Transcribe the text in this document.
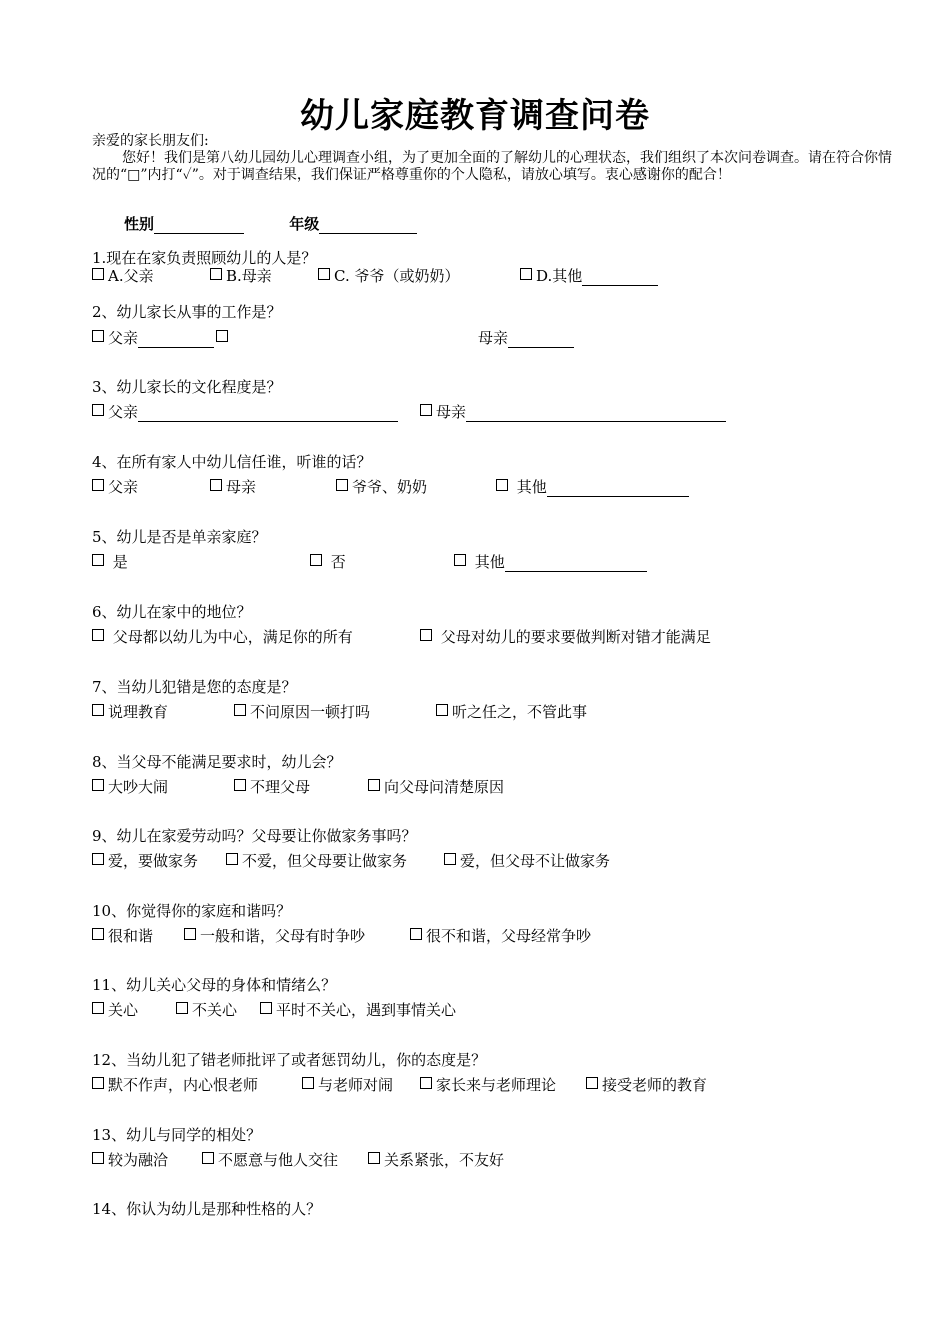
幼儿家庭教育调查问卷

亲爱的家长朋友们:

您好！我们是第八幼儿园幼儿心理调查小组，为了更加全面的了解幼儿的心理状态，我们组织了本次问卷调查。请在符合你情况的“□”内打“✓”。对于调查结果，我们保证严格尊重你的个人隐私，请放心填写。衷心感谢你的配合！

性别	年级
1.现在在家负责照顾幼儿的人是？
A.父亲	B.母亲	C. 爷爷（或奶奶）	D.其他
2、幼儿家长从事的工作是？
父亲	母亲
3、幼儿家长的文化程度是？
父亲	母亲
4、在所有家人中幼儿信任谁，听谁的话？
父亲	母亲	爷爷、奶奶	其他
5、幼儿是否是单亲家庭？
是	否	其他
6、幼儿在家中的地位？
父母都以幼儿为中心，满足你的所有	父母对幼儿的要求要做判断对错才能满足
7、当幼儿犯错是您的态度是？
说理教育	不问原因一顿打吗	听之任之，不管此事
8、当父母不能满足要求时，幼儿会？
大吵大闹	不理父母	向父母问清楚原因
9、幼儿在家爱劳动吗？父母要让你做家务事吗？
爱，要做家务	不爱，但父母要让做家务	爱，但父母不让做家务
10、你觉得你的家庭和谐吗？
很和谐	一般和谐，父母有时争吵	很不和谐，父母经常争吵
11、幼儿关心父母的身体和情绪么？
关心	不关心	平时不关心，遇到事情关心
12、当幼儿犯了错老师批评了或者惩罚幼儿，你的态度是？
默不作声，内心恨老师	与老师对闹	家长来与老师理论	接受老师的教育
13、幼儿与同学的相处？
较为融洽	不愿意与他人交往	关系紧张，不友好
14、你认为幼儿是那种性格的人？
